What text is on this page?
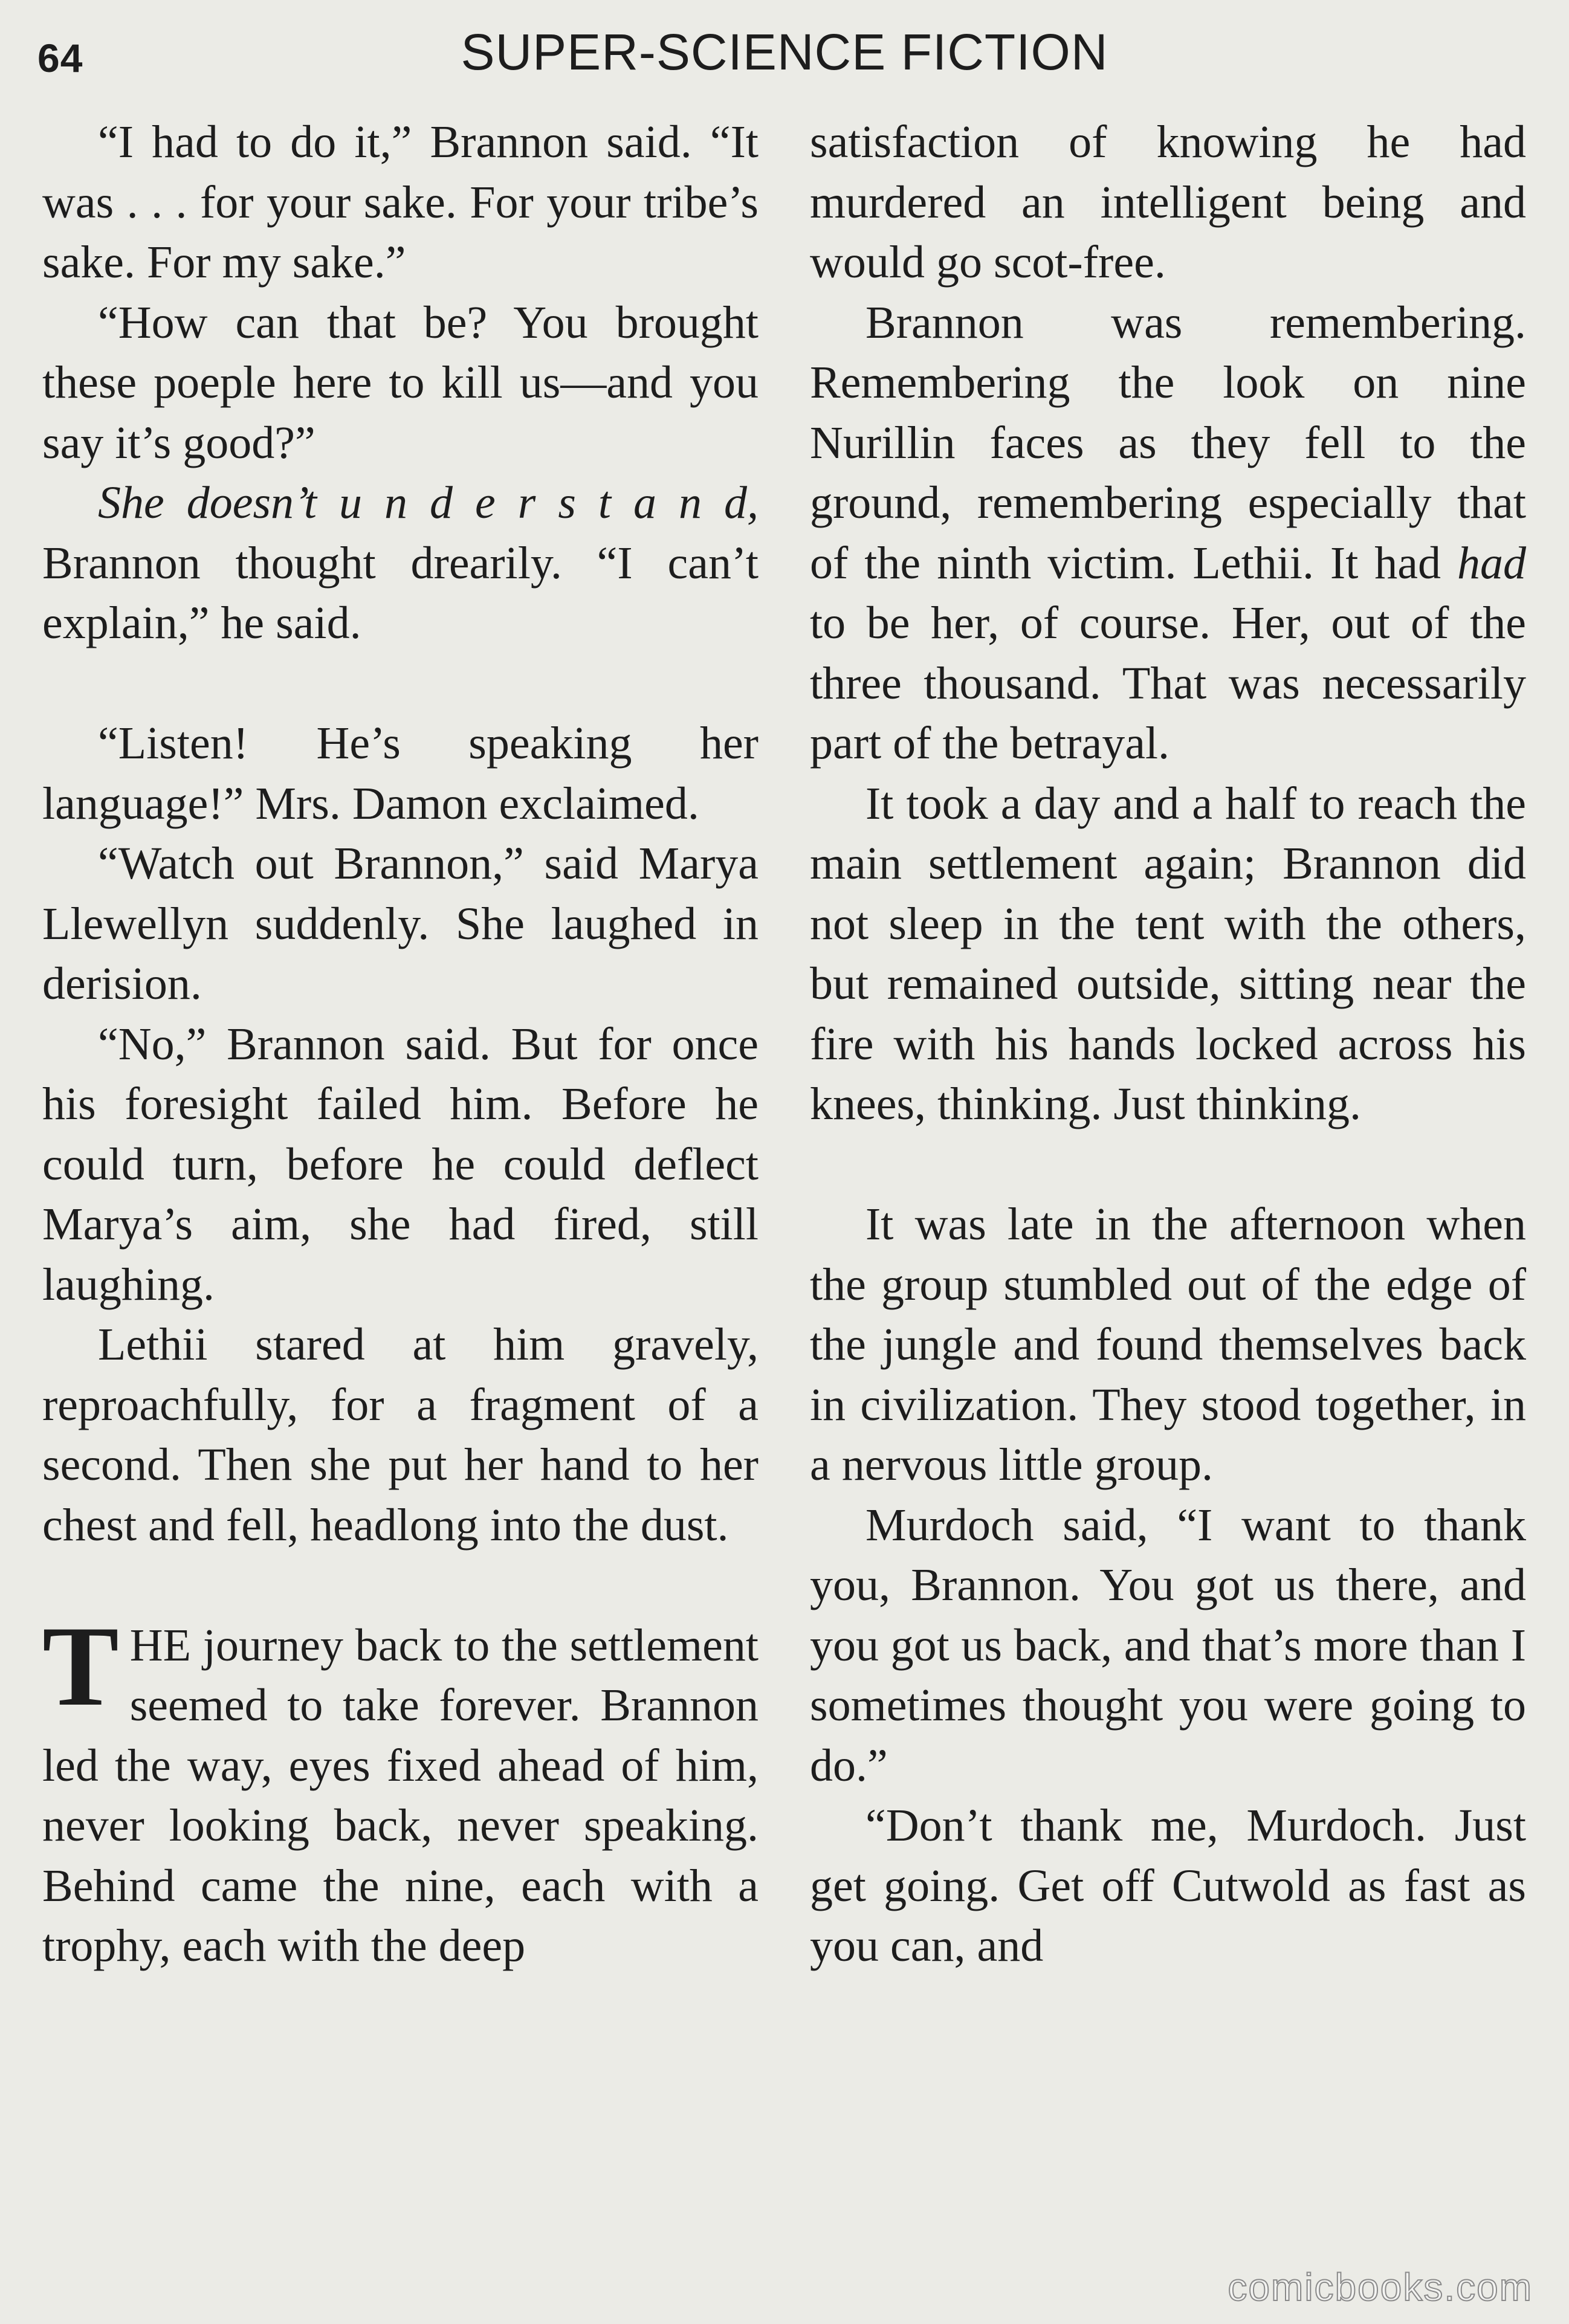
64	SUPER-SCIENCE FICTION

“I had to do it,” Brannon said. “It was . . . for your sake. For your tribe’s sake. For my sake.”

“How can that be? You brought these poeple here to kill us—and you say it’s good?”

She doesn’t u n d e r s t a n d, Brannon thought drearily. “I can’t explain,” he said.

“Listen! He’s speaking her language!” Mrs. Damon exclaimed.

“Watch out Brannon,” said Marya Llewellyn suddenly. She laughed in derision.

“No,” Brannon said. But for once his foresight failed him. Before he could turn, before he could deflect Marya’s aim, she had fired, still laughing.

Lethii stared at him gravely, reproachfully, for a fragment of a second. Then she put her hand to her chest and fell, headlong into the dust.

THE journey back to the settlement seemed to take forever. Brannon led the way, eyes fixed ahead of him, never looking back, never speaking. Behind came the nine, each with a trophy, each with the deep

satisfaction of knowing he had murdered an intelligent being and would go scot-free.

Brannon was remembering. Remembering the look on nine Nurillin faces as they fell to the ground, remembering especially that of the ninth victim. Lethii. It had had to be her, of course. Her, out of the three thousand. That was necessarily part of the betrayal.

It took a day and a half to reach the main settlement again; Brannon did not sleep in the tent with the others, but remained outside, sitting near the fire with his hands locked across his knees, thinking. Just thinking.

It was late in the afternoon when the group stumbled out of the edge of the jungle and found themselves back in civilization. They stood together, in a nervous little group.

Murdoch said, “I want to thank you, Brannon. You got us there, and you got us back, and that’s more than I sometimes thought you were going to do.”

“Don’t thank me, Murdoch. Just get going. Get off Cutwold as fast as you can, and

comicbooks.com
